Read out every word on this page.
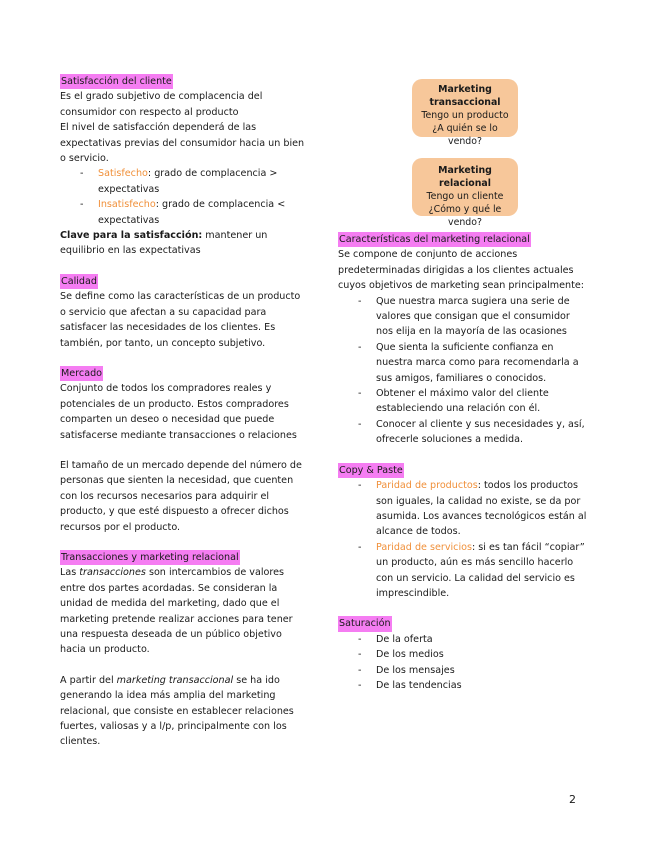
Satisfacción del cliente

Es el grado subjetivo de complacencia del consumidor con respecto al producto

El nivel de satisfacción dependerá de las expectativas previas del consumidor hacia un bien o servicio.

- Satisfecho: grado de complacencia > expectativas
- Insatisfecho: grado de complacencia < expectativas

Clave para la satisfacción: mantener un equilibrio en las expectativas

Calidad

Se define como las características de un producto o servicio que afectan a su capacidad para satisfacer las necesidades de los clientes. Es también, por tanto, un concepto subjetivo.

Mercado

Conjunto de todos los compradores reales y potenciales de un producto. Estos compradores comparten un deseo o necesidad que puede satisfacerse mediante transacciones o relaciones

El tamaño de un mercado depende del número de personas que sienten la necesidad, que cuenten con los recursos necesarios para adquirir el producto, y que esté dispuesto a ofrecer dichos recursos por el producto.

Transacciones y marketing relacional

Las transacciones son intercambios de valores entre dos partes acordadas. Se consideran la unidad de medida del marketing, dado que el marketing pretende realizar acciones para tener una respuesta deseada de un público objetivo hacia un producto.

A partir del marketing transaccional se ha ido generando la idea más amplia del marketing relacional, que consiste en establecer relaciones fuertes, valiosas y a l/p, principalmente con los clientes.

Marketing transaccional
Tengo un producto ¿A quién se lo vendo?
Marketing relacional
Tengo un cliente ¿Cómo y qué le vendo?
Características del marketing relacional

Se compone de conjunto de acciones predeterminadas dirigidas a los clientes actuales cuyos objetivos de marketing sean principalmente:

- Que nuestra marca sugiera una serie de valores que consigan que el consumidor nos elija en la mayoría de las ocasiones
- Que sienta la suficiente confianza en nuestra marca como para recomendarla a sus amigos, familiares o conocidos.
- Obtener el máximo valor del cliente estableciendo una relación con él.
- Conocer al cliente y sus necesidades y, así, ofrecerle soluciones a medida.
Copy & Paste
- Paridad de productos: todos los productos son iguales, la calidad no existe, se da por asumida. Los avances tecnológicos están al alcance de todos.
- Paridad de servicios: si es tan fácil “copiar” un producto, aún es más sencillo hacerlo con un servicio. La calidad del servicio es imprescindible.
Saturación
- De la oferta
- De los medios
- De los mensajes
- De las tendencias
2
